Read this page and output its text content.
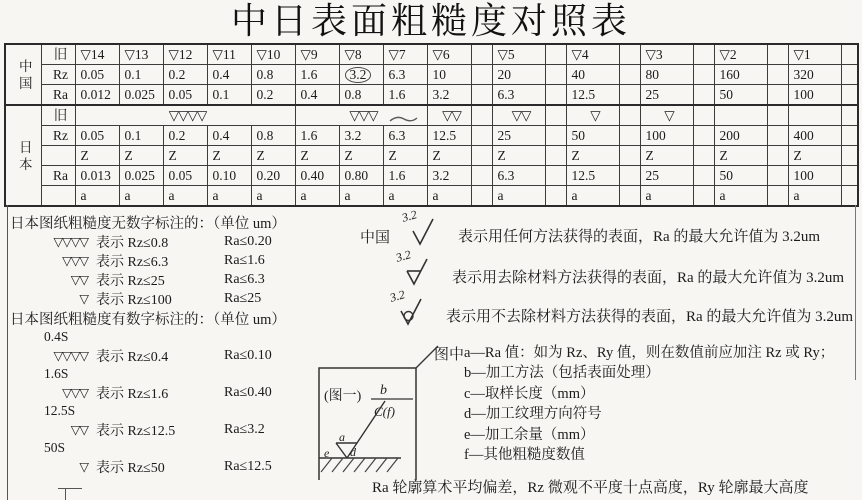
中日表面粗糙度对照表
中
国	旧	▽14	▽13	▽12	▽11	▽10	▽9	▽8	▽7	▽6		▽5		▽4		▽3		▽2		▽1	
	Rz	0.05	0.1	0.2	0.4	0.8	1.6	3.2	6.3	10		20		40		80		160		320	
	Ra	0.012	0.025	0.05	0.1	0.2	0.4	0.8	1.6	3.2		6.3		12.5		25		50		100	

日
本	旧	▽▽▽▽					▽▽▽			▽▽		▽▽		▽		▽					
	Rz	0.05	0.1	0.2	0.4	0.8	1.6	3.2	6.3	12.5		25		50		100		200		400	
		Z	Z	Z	Z	Z	Z	Z	Z	Z		Z		Z		Z		Z		Z	
	Ra	0.013	0.025	0.05	0.10	0.20	0.40	0.80	1.6	3.2		6.3		12.5		25		50		100	
		a	a	a	a	a	a	a	a	a		a		a		a		a		a	
日本图纸粗糙度无数字标注的：（单位 um）
▽▽▽▽ 表示 Rz≤0.8	Ra≤0.20
▽▽▽ 表示 Rz≤6.3	Ra≤1.6
▽▽ 表示 Rz≤25	Ra≤6.3
▽ 表示 Rz≤100	Ra≤25
日本图纸粗糙度有数字标注的：（单位 um）
0.4S
▽▽▽▽ 表示 Rz≤0.4	Ra≤0.10
1.6S
▽▽▽ 表示 Rz≤1.6	Ra≤0.40
12.5S
▽▽ 表示 Rz≤12.5	Ra≤3.2
50S
▽ 表示 Rz≤50	Ra≤12.5
中国
3.2
表示用任何方法获得的表面，Ra 的最大允许值为 3.2um
3.2
表示用去除材料方法获得的表面，Ra 的最大允许值为 3.2um
3.2
表示用不去除材料方法获得的表面，Ra 的最大允许值为 3.2um
图中 a—Ra 值：如为 Rz、Ry 值，则在数值前应加注 Rz 或 Ry；
b—加工方法（包括表面处理）
c—取样长度（mm）
d—加工纹理方向符号
e—加工余量（mm）
f—其他粗糙度数值
(图一) b
C(f)
a
e d
Ra 轮廓算术平均偏差，Rz 微观不平度十点高度，Ry 轮廓最大高度
